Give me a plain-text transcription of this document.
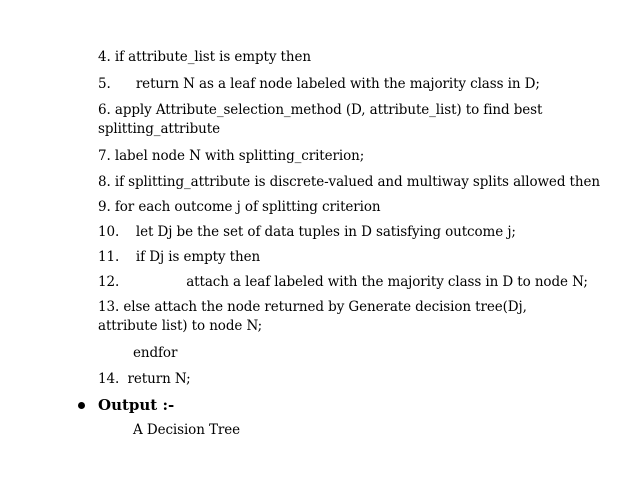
4. if attribute_list is empty then
5.      return N as a leaf node labeled with the majority class in D;
6. apply Attribute_selection_method (D, attribute_list) to find best splitting_attribute
7. label node N with splitting_criterion;
8. if splitting_attribute is discrete-valued and multiway splits allowed then
9. for each outcome j of splitting criterion
10.    let Dj be the set of data tuples in D satisfying outcome j;
11.    if Dj is empty then
12.                attach a leaf labeled with the majority class in D to node N;
13. else attach the node returned by Generate decision tree(Dj, attribute list) to node N;
endfor
14.  return N;
Output :-
A Decision Tree
